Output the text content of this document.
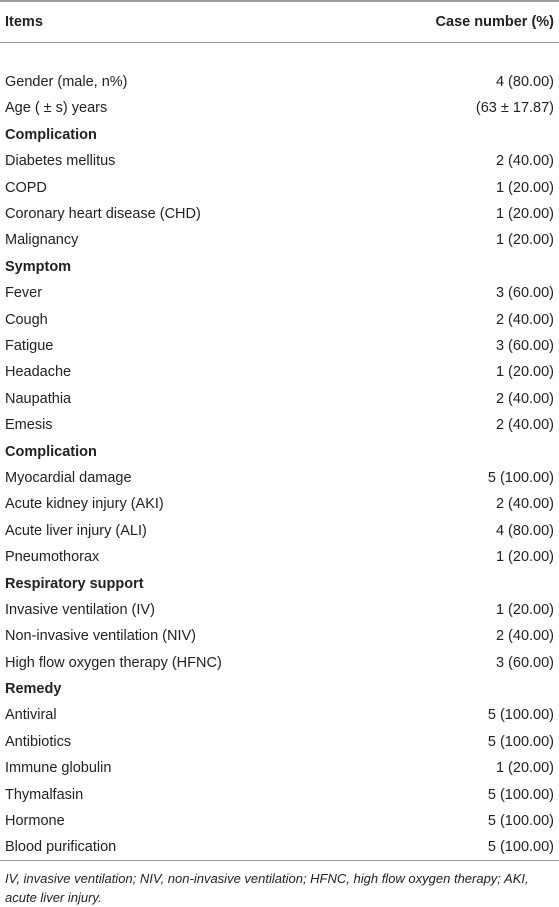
Items	Case number (%)

Gender (male, n%)	4 (80.00)
Age ( ± s) years	(63 ± 17.87)
Complication	
Diabetes mellitus	2 (40.00)
COPD	1 (20.00)
Coronary heart disease (CHD)	1 (20.00)
Malignancy	1 (20.00)
Symptom	
Fever	3 (60.00)
Cough	2 (40.00)
Fatigue	3 (60.00)
Headache	1 (20.00)
Naupathia	2 (40.00)
Emesis	2 (40.00)
Complication	
Myocardial damage	5 (100.00)
Acute kidney injury (AKI)	2 (40.00)
Acute liver injury (ALI)	4 (80.00)
Pneumothorax	1 (20.00)
Respiratory support	
Invasive ventilation (IV)	1 (20.00)
Non-invasive ventilation (NIV)	2 (40.00)
High flow oxygen therapy (HFNC)	3 (60.00)
Remedy	
Antiviral	5 (100.00)
Antibiotics	5 (100.00)
Immune globulin	1 (20.00)
Thymalfasin	5 (100.00)
Hormone	5 (100.00)
Blood purification	5 (100.00)
IV, invasive ventilation; NIV, non-invasive ventilation; HFNC, high flow oxygen therapy; AKI, acute liver injury.
